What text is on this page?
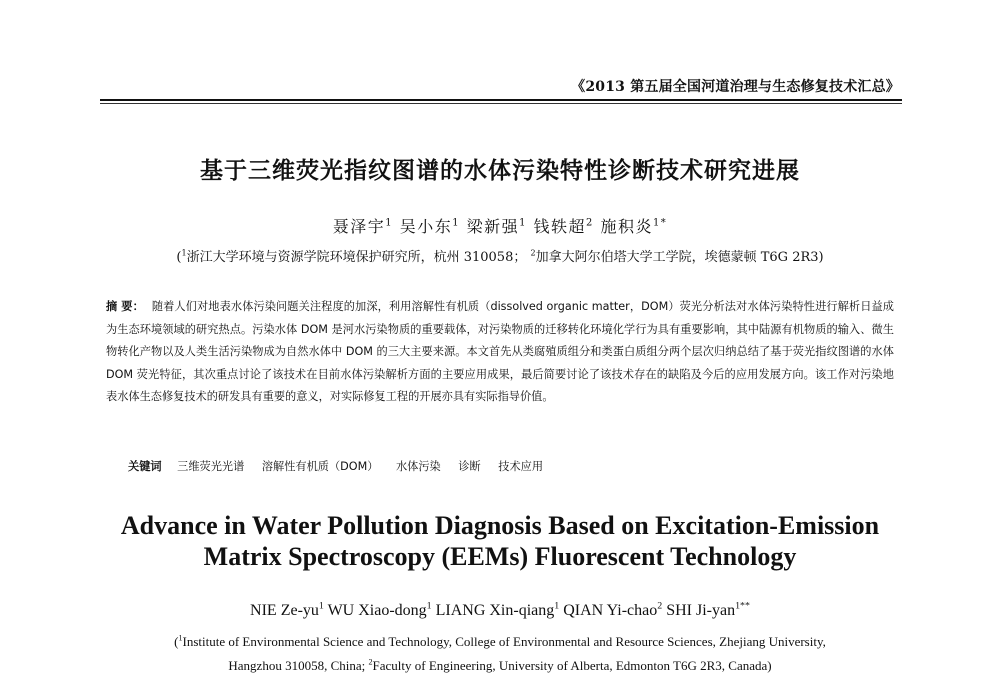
《2013 第五届全国河道治理与生态修复技术汇总》
基于三维荧光指纹图谱的水体污染特性诊断技术研究进展
聂泽宇$^1$ 吴小东$^1$ 梁新强$^1$ 钱轶超$^2$ 施积炎$^{1*}$
($^1$浙江大学环境与资源学院环境保护研究所，杭州 310058； $^2$加拿大阿尔伯塔大学工学院，埃德蒙顿 T6G 2R3)
摘 要： 随着人们对地表水体污染问题关注程度的加深，利用溶解性有机质（dissolved organic matter，DOM）荧光分析法对水体污染特性进行解析日益成为生态环境领域的研究热点。污染水体 DOM 是河水污染物质的重要载体，对污染物质的迁移转化环境化学行为具有重要影响，其中陆源有机物质的输入、微生物转化产物以及人类生活污染物成为自然水体中 DOM 的三大主要来源。本文首先从类腐殖质组分和类蛋白质组分两个层次归纳总结了基于荧光指纹图谱的水体 DOM 荧光特征，其次重点讨论了该技术在目前水体污染解析方面的主要应用成果，最后简要讨论了该技术存在的缺陷及今后的应用发展方向。该工作对污染地表水体生态修复技术的研发具有重要的意义，对实际修复工程的开展亦具有实际指导价值。
关键词 三维荧光光谱 溶解性有机质（DOM） 水体污染 诊断 技术应用
Advance in Water Pollution Diagnosis Based on Excitation-Emission
Matrix Spectroscopy (EEMs) Fluorescent Technology
NIE $Ze-yu^1$ WU Xiao-dong$^1$ LIANG Xin-qiang$^1$ QIAN Yi-chao$^2$ SHI Ji-yan$^{1**}$
($^1$Institute of Environmental Science and Technology, College of Environmental and Resource Sciences, Zhejiang University,
Hangzhou 310058, China; $^2$Faculty of Engineering, University of Alberta, Edmonton T6G 2R3, Canada)
